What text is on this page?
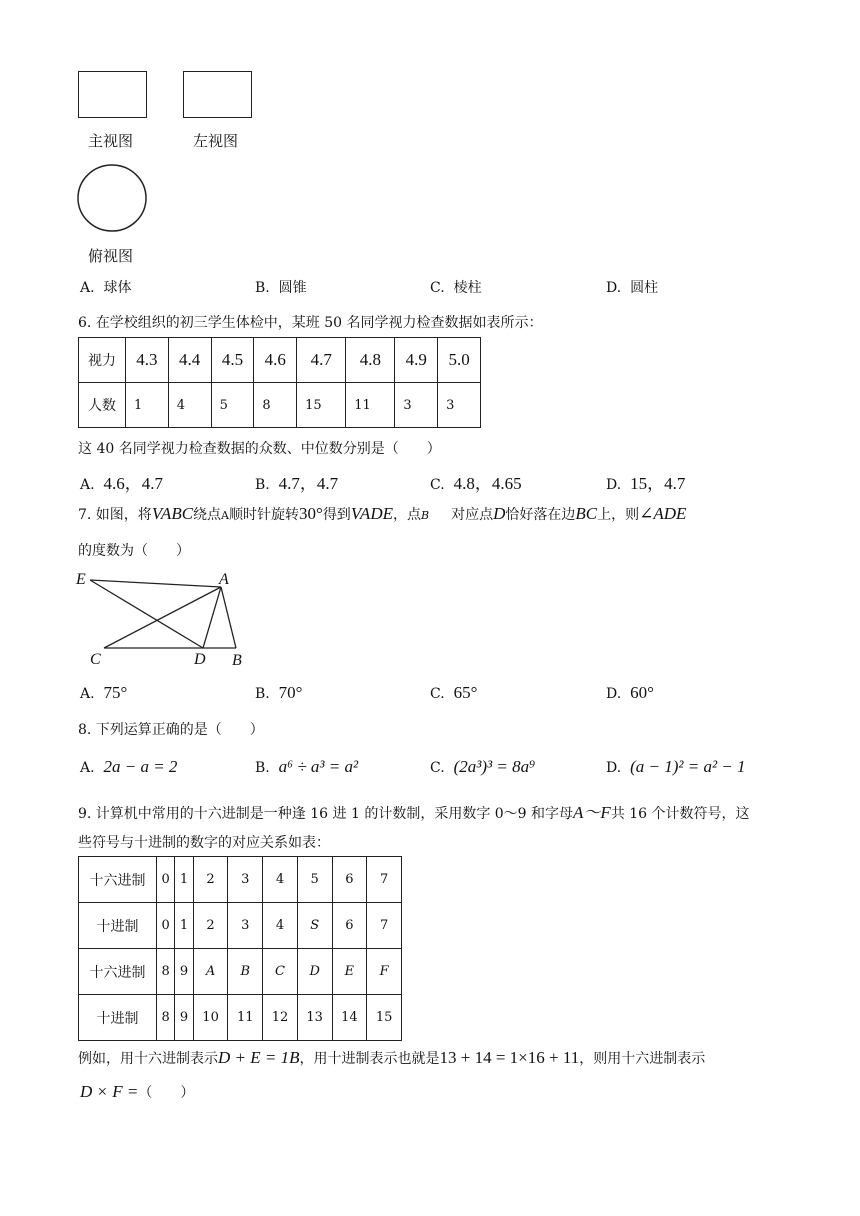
主视图	左视图
俯视图
A. 球体	B. 圆锥	C. 棱柱	D. 圆柱
6. 在学校组织的初三学生体检中，某班 50 名同学视力检查数据如表所示：
视力	4.3	4.4	4.5	4.6	4.7	4.8	4.9	5.0
人数	1	4	5	8	15	11	3	3
这 40 名同学视力检查数据的众数、中位数分别是（　　）
A. 4.6，4.7	B. 4.7，4.7	C. 4.8，4.65	D. 15，4.7
7. 如图，将VABC绕点A顺时针旋转30°得到VADE，点B 对应点D恰好落在边BC上，则∠ADE
的度数为（　　）
E	A
C	D B
A. 75°	B. 70°	C. 65°	D. 60°
8. 下列运算正确的是（　　）
A. 2a − a = 2	B. a⁶ ÷ a³ = a²	C. (2a³)³ = 8a⁹	D. (a − 1)² = a² − 1
9. 计算机中常用的十六进制是一种逢 16 进 1 的计数制，采用数字 0～9 和字母A～F共 16 个计数符号，这
些符号与十进制的数字的对应关系如表：
十六进制	0	1	2	3	4	5	6	7
十进制	0	1	2	3	4	S	6	7
十六进制	8	9	A	B	C	D	E	F
十进制	8	9	10	11	12	13	14	15
例如，用十六进制表示D + E = 1B，用十进制表示也就是13 + 14 = 1×16 + 11，则用十六进制表示
D × F =（　　）
